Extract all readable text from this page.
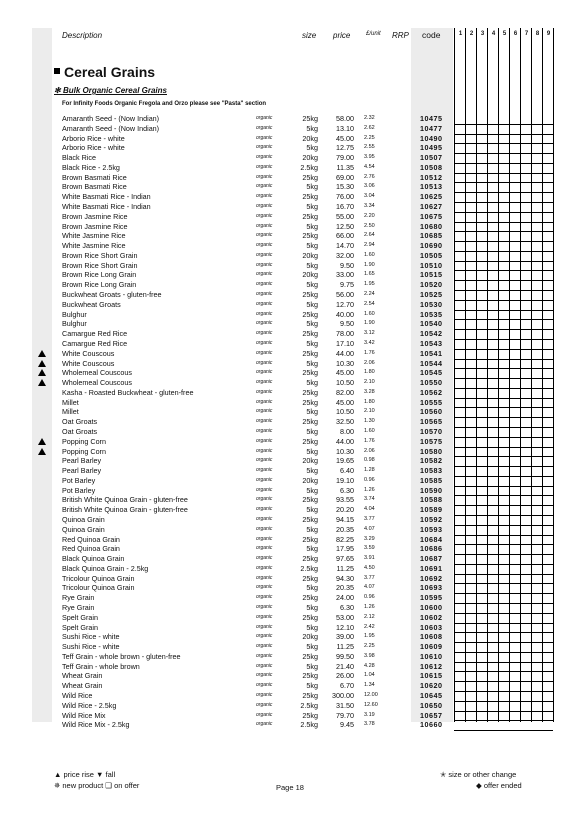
Description	size price	£/unit RRP code	1	2	3	4	5	6	7	8	9
Cereal Grains
✻ Bulk Organic Cereal Grains
For Infinity Foods Organic Fregola and Orzo please see "Pasta" section
Amaranth Seed - (Now Indian)	organic	25kg	58.00 2.32	10475
Amaranth Seed - (Now Indian)	organic	5kg	13.10 2.62	10477
Arborio Rice - white	organic	20kg	45.00 2.25	10490
Arborio Rice - white	organic	5kg	12.75 2.55	10495
Black Rice	organic	20kg	79.00 3.95	10507
Black Rice - 2.5kg	organic	2.5kg	11.35 4.54	10508
Brown Basmati Rice	organic	25kg	69.00 2.76	10512
Brown Basmati Rice	organic	5kg	15.30 3.06	10513
White Basmati Rice - Indian	organic	25kg	76.00 3.04	10625
White Basmati Rice - Indian	organic	5kg	16.70 3.34	10627
Brown Jasmine Rice	organic	25kg	55.00 2.20	10675
Brown Jasmine Rice	organic	5kg	12.50 2.50	10680
White Jasmine Rice	organic	25kg	66.00 2.64	10685
White Jasmine Rice	organic	5kg	14.70 2.94	10690
Brown Rice Short Grain	organic	20kg	32.00 1.60	10505
Brown Rice Short Grain	organic	5kg	9.50 1.90	10510
Brown Rice Long Grain	organic	20kg	33.00 1.65	10515
Brown Rice Long Grain	organic	5kg	9.75 1.95	10520
Buckwheat Groats - gluten-free	organic	25kg	56.00 2.24	10525
Buckwheat Groats	organic	5kg	12.70 2.54	10530
Bulghur	organic	25kg	40.00 1.60	10535
Bulghur	organic	5kg	9.50 1.90	10540
Camargue Red Rice	organic	25kg	78.00 3.12	10542
Camargue Red Rice	organic	5kg	17.10 3.42	10543
White Couscous	organic	25kg	44.00 1.76	10541
White Couscous	organic	5kg	10.30 2.06	10544
Wholemeal Couscous	organic	25kg	45.00 1.80	10545
Wholemeal Couscous	organic	5kg	10.50 2.10	10550
Kasha - Roasted Buckwheat - gluten-free	organic	25kg	82.00 3.28	10562
Millet	organic	25kg	45.00 1.80	10555
Millet	organic	5kg	10.50 2.10	10560
Oat Groats	organic	25kg	32.50 1.30	10565
Oat Groats	organic	5kg	8.00 1.60	10570
Popping Corn	organic	25kg	44.00 1.76	10575
Popping Corn	organic	5kg	10.30 2.06	10580
Pearl Barley	organic	20kg	19.65 0.98	10582
Pearl Barley	organic	5kg	6.40 1.28	10583
Pot Barley	organic	20kg	19.10 0.96	10585
Pot Barley	organic	5kg	6.30 1.26	10590
British White Quinoa Grain - gluten-free	organic	25kg	93.55 3.74	10588
British White Quinoa Grain - gluten-free	organic	5kg	20.20 4.04	10589
Quinoa Grain	organic	25kg	94.15 3.77	10592
Quinoa Grain	organic	5kg	20.35 4.07	10593
Red Quinoa Grain	organic	25kg	82.25 3.29	10684
Red Quinoa Grain	organic	5kg	17.95 3.59	10686
Black Quinoa Grain	organic	25kg	97.65 3.91	10687
Black Quinoa Grain - 2.5kg	organic	2.5kg	11.25 4.50	10691
Tricolour Quinoa Grain	organic	25kg	94.30 3.77	10692
Tricolour Quinoa Grain	organic	5kg	20.35 4.07	10693
Rye Grain	organic	25kg	24.00 0.96	10595
Rye Grain	organic	5kg	6.30 1.26	10600
Spelt Grain	organic	25kg	53.00 2.12	10602
Spelt Grain	organic	5kg	12.10 2.42	10603
Sushi Rice - white	organic	20kg	39.00 1.95	10608
Sushi Rice - white	organic	5kg	11.25 2.25	10609
Teff Grain - whole brown - gluten-free	organic	25kg	99.50 3.98	10610
Teff Grain - whole brown	organic	5kg	21.40 4.28	10612
Wheat Grain	organic	25kg	26.00 1.04	10615
Wheat Grain	organic	5kg	6.70 1.34	10620
Wild Rice	organic	25kg	300.00 12.00	10645
Wild Rice - 2.5kg	organic	2.5kg	31.50 12.60	10650
Wild Rice Mix	organic	25kg	79.70 3.19	10657
Wild Rice Mix - 2.5kg	organic	2.5kg	9.45 3.78	10660
▲ price rise ▼ fall
✵ new product ❑ on offer	Page 18
✭ size or other change
◆ offer ended
